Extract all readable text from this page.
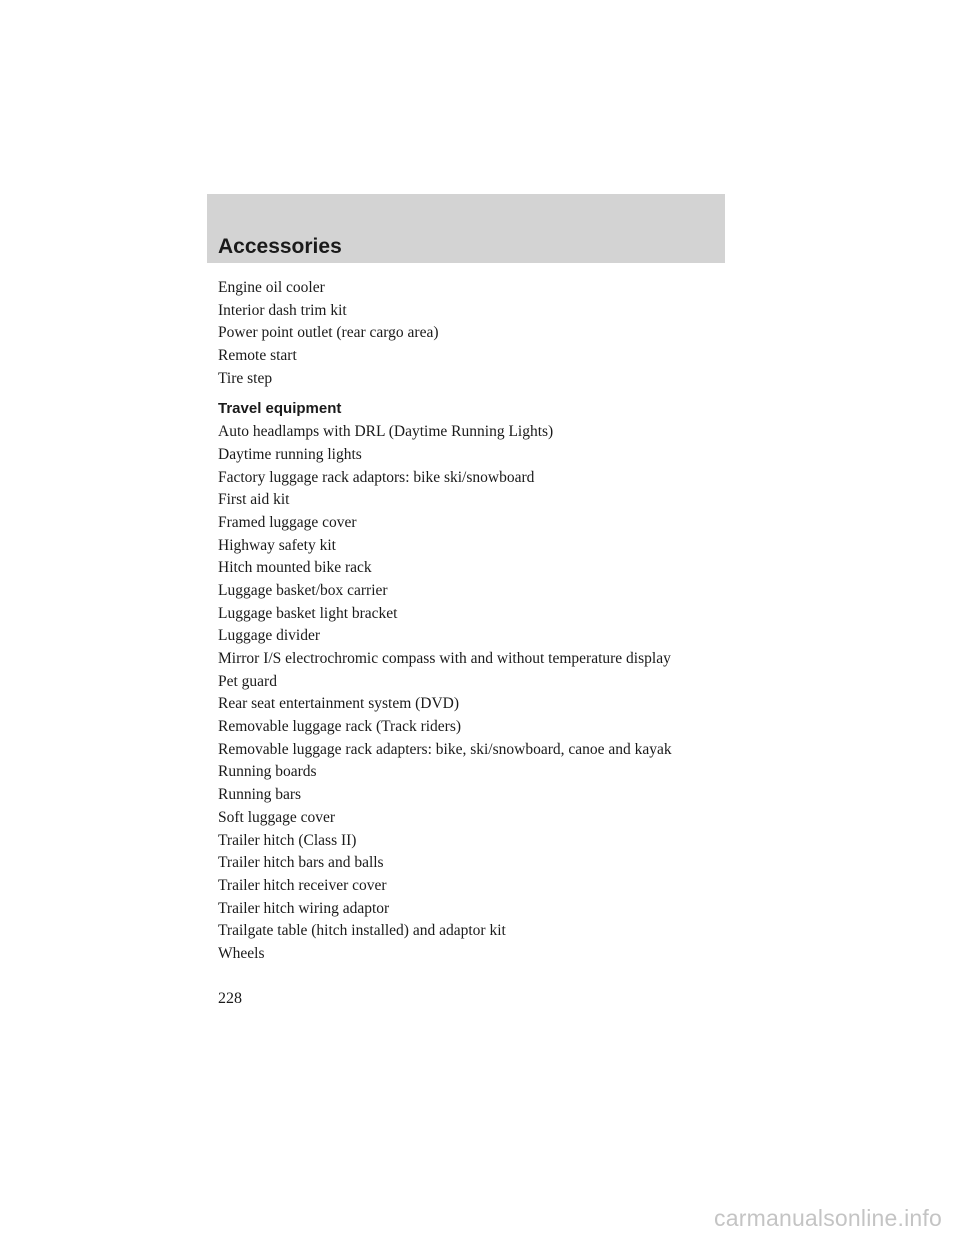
Accessories
Engine oil cooler
Interior dash trim kit
Power point outlet (rear cargo area)
Remote start
Tire step
Travel equipment
Auto headlamps with DRL (Daytime Running Lights)
Daytime running lights
Factory luggage rack adaptors: bike ski/snowboard
First aid kit
Framed luggage cover
Highway safety kit
Hitch mounted bike rack
Luggage basket/box carrier
Luggage basket light bracket
Luggage divider
Mirror I/S electrochromic compass with and without temperature display
Pet guard
Rear seat entertainment system (DVD)
Removable luggage rack (Track riders)
Removable luggage rack adapters: bike, ski/snowboard, canoe and kayak
Running boards
Running bars
Soft luggage cover
Trailer hitch (Class II)
Trailer hitch bars and balls
Trailer hitch receiver cover
Trailer hitch wiring adaptor
Trailgate table (hitch installed) and adaptor kit
Wheels
228
carmanualsonline.info
